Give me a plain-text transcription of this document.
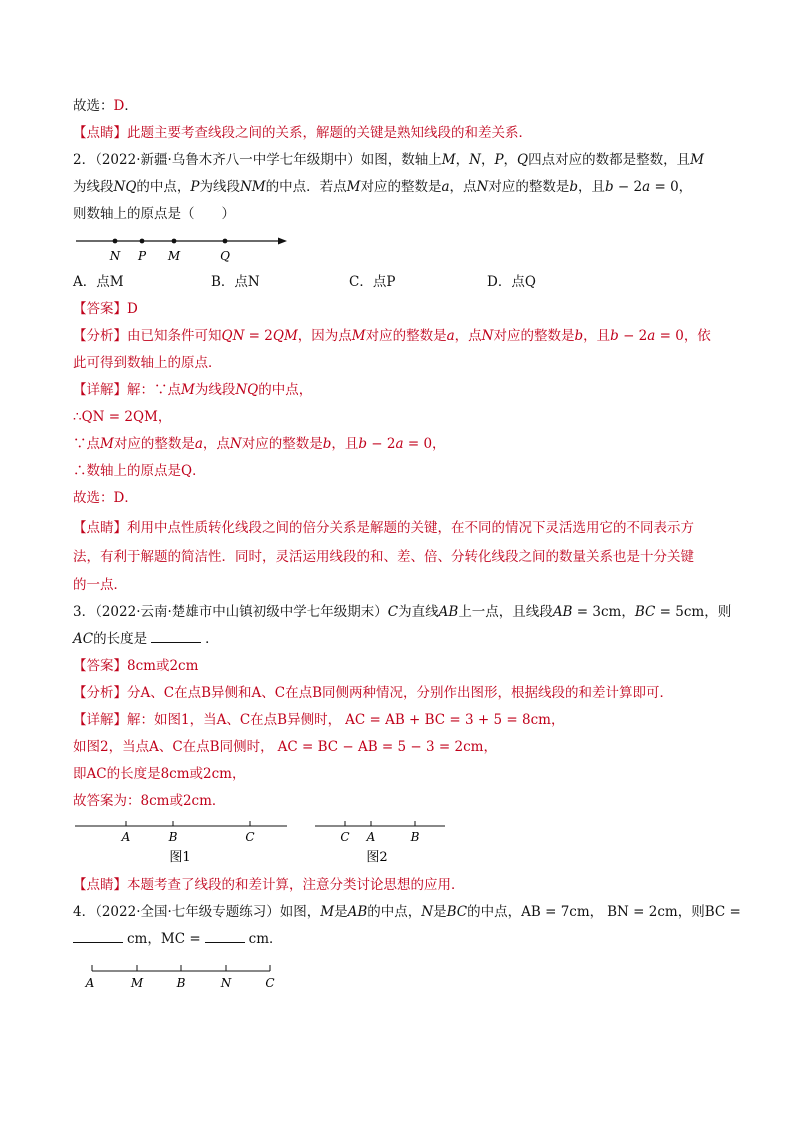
故选：D．
【点睛】此题主要考查线段之间的关系，解题的关键是熟知线段的和差关系．
2．（2022·新疆·乌鲁木齐八一中学七年级期中）如图，数轴上M，N，P，Q四点对应的数都是整数，且M
为线段NQ的中点，P为线段NM的中点．若点M对应的整数是a，点N对应的整数是b，且b − 2a = 0，
则数轴上的原点是（　　）
N P M	Q
A．点M	B．点N	C．点P	D．点Q
【答案】D
【分析】由已知条件可知QN = 2QM，因为点M对应的整数是a，点N对应的整数是b，且b − 2a = 0，依
此可得到数轴上的原点．
【详解】解：∵点M为线段NQ的中点，
∴QN = 2QM，
∵点M对应的整数是a，点N对应的整数是b，且b − 2a = 0，
∴数轴上的原点是Q．
故选：D．
【点睛】利用中点性质转化线段之间的倍分关系是解题的关键，在不同的情况下灵活选用它的不同表示方
法，有利于解题的简洁性．同时，灵活运用线段的和、差、倍、分转化线段之间的数量关系也是十分关键
的一点．
3．（2022·云南·楚雄市中山镇初级中学七年级期末）C为直线AB上一点，且线段AB = 3cm，BC = 5cm，则
AC的长度是	．
【答案】8cm或2cm
【分析】分A、C在点B异侧和A、C在点B同侧两种情况，分别作出图形，根据线段的和差计算即可．
【详解】解：如图1，当A、C在点B异侧时， AC = AB + BC = 3 + 5 = 8cm，
如图2，当点A、C在点B同侧时， AC = BC − AB = 5 − 3 = 2cm，
即AC的长度是8cm或2cm，
故答案为：8cm或2cm．
A	B	C
图1
C A	B
图2
【点睛】本题考查了线段的和差计算，注意分类讨论思想的应用．
4．（2022·全国·七年级专题练习）如图，M是AB的中点，N是BC的中点，AB = 7cm， BN = 2cm，则BC =
cm，MC =	cm．
A	M	B	N	C
